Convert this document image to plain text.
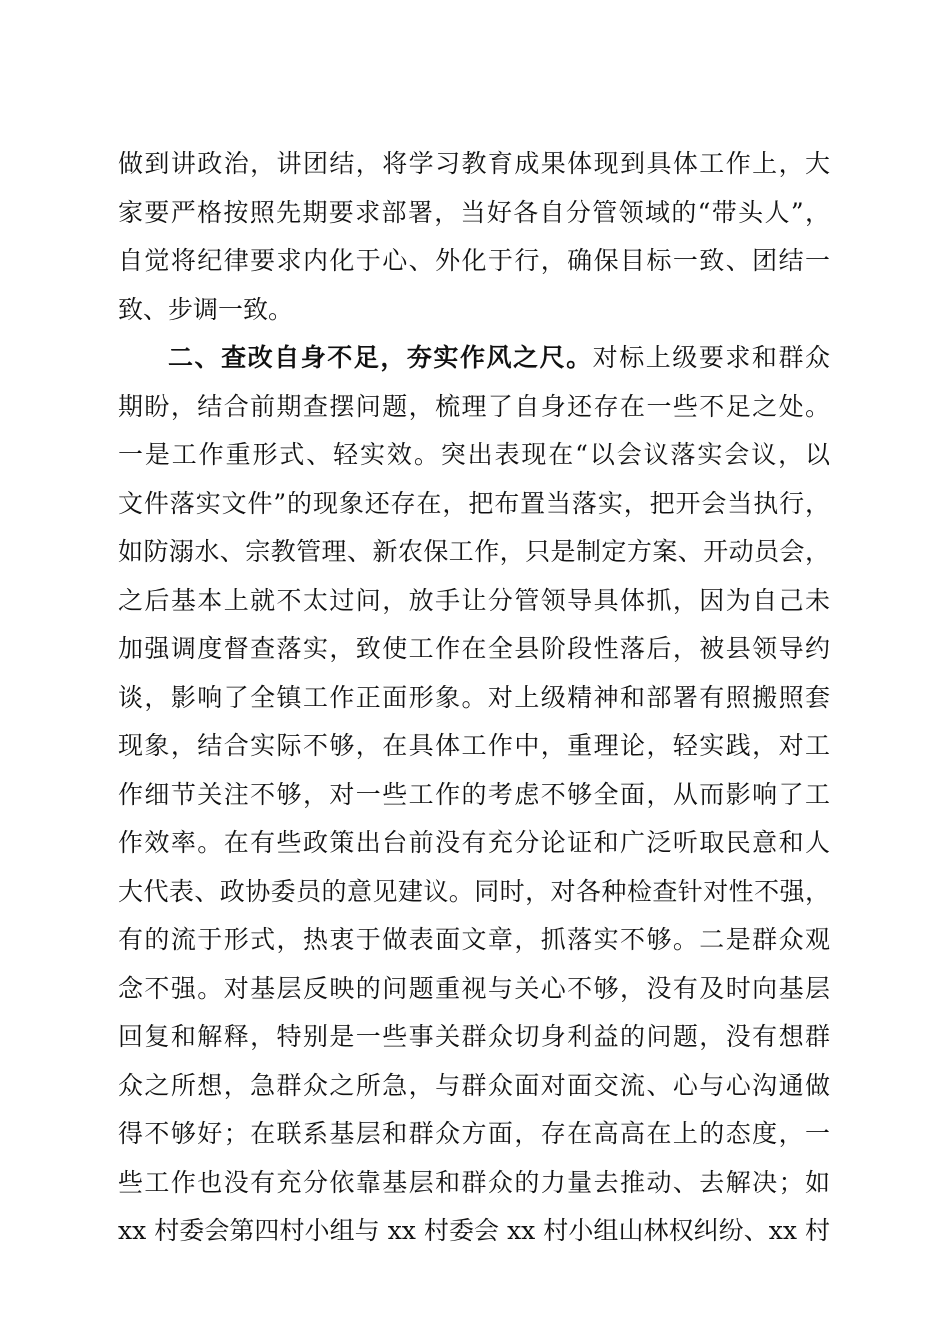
做到讲政治，讲团结，将学习教育成果体现到具体工作上，大
家要严格按照先期要求部署，当好各自分管领域的“带头人”，
自觉将纪律要求内化于心、外化于行，确保目标一致、团结一
致、步调一致。
二、查改自身不足，夯实作风之尺。对标上级要求和群众
期盼，结合前期查摆问题，梳理了自身还存在一些不足之处。
一是工作重形式、轻实效。突出表现在“以会议落实会议，以
文件落实文件”的现象还存在，把布置当落实，把开会当执行，
如防溺水、宗教管理、新农保工作，只是制定方案、开动员会，
之后基本上就不太过问，放手让分管领导具体抓，因为自己未
加强调度督查落实，致使工作在全县阶段性落后，被县领导约
谈，影响了全镇工作正面形象。对上级精神和部署有照搬照套
现象，结合实际不够，在具体工作中，重理论，轻实践，对工
作细节关注不够，对一些工作的考虑不够全面，从而影响了工
作效率。在有些政策出台前没有充分论证和广泛听取民意和人
大代表、政协委员的意见建议。同时，对各种检查针对性不强，
有的流于形式，热衷于做表面文章，抓落实不够。二是群众观
念不强。对基层反映的问题重视与关心不够，没有及时向基层
回复和解释，特别是一些事关群众切身利益的问题，没有想群
众之所想，急群众之所急，与群众面对面交流、心与心沟通做
得不够好；在联系基层和群众方面，存在高高在上的态度，一
些工作也没有充分依靠基层和群众的力量去推动、去解决；如
xx 村委会第四村小组与 xx 村委会 xx 村小组山林权纠纷、xx 村
